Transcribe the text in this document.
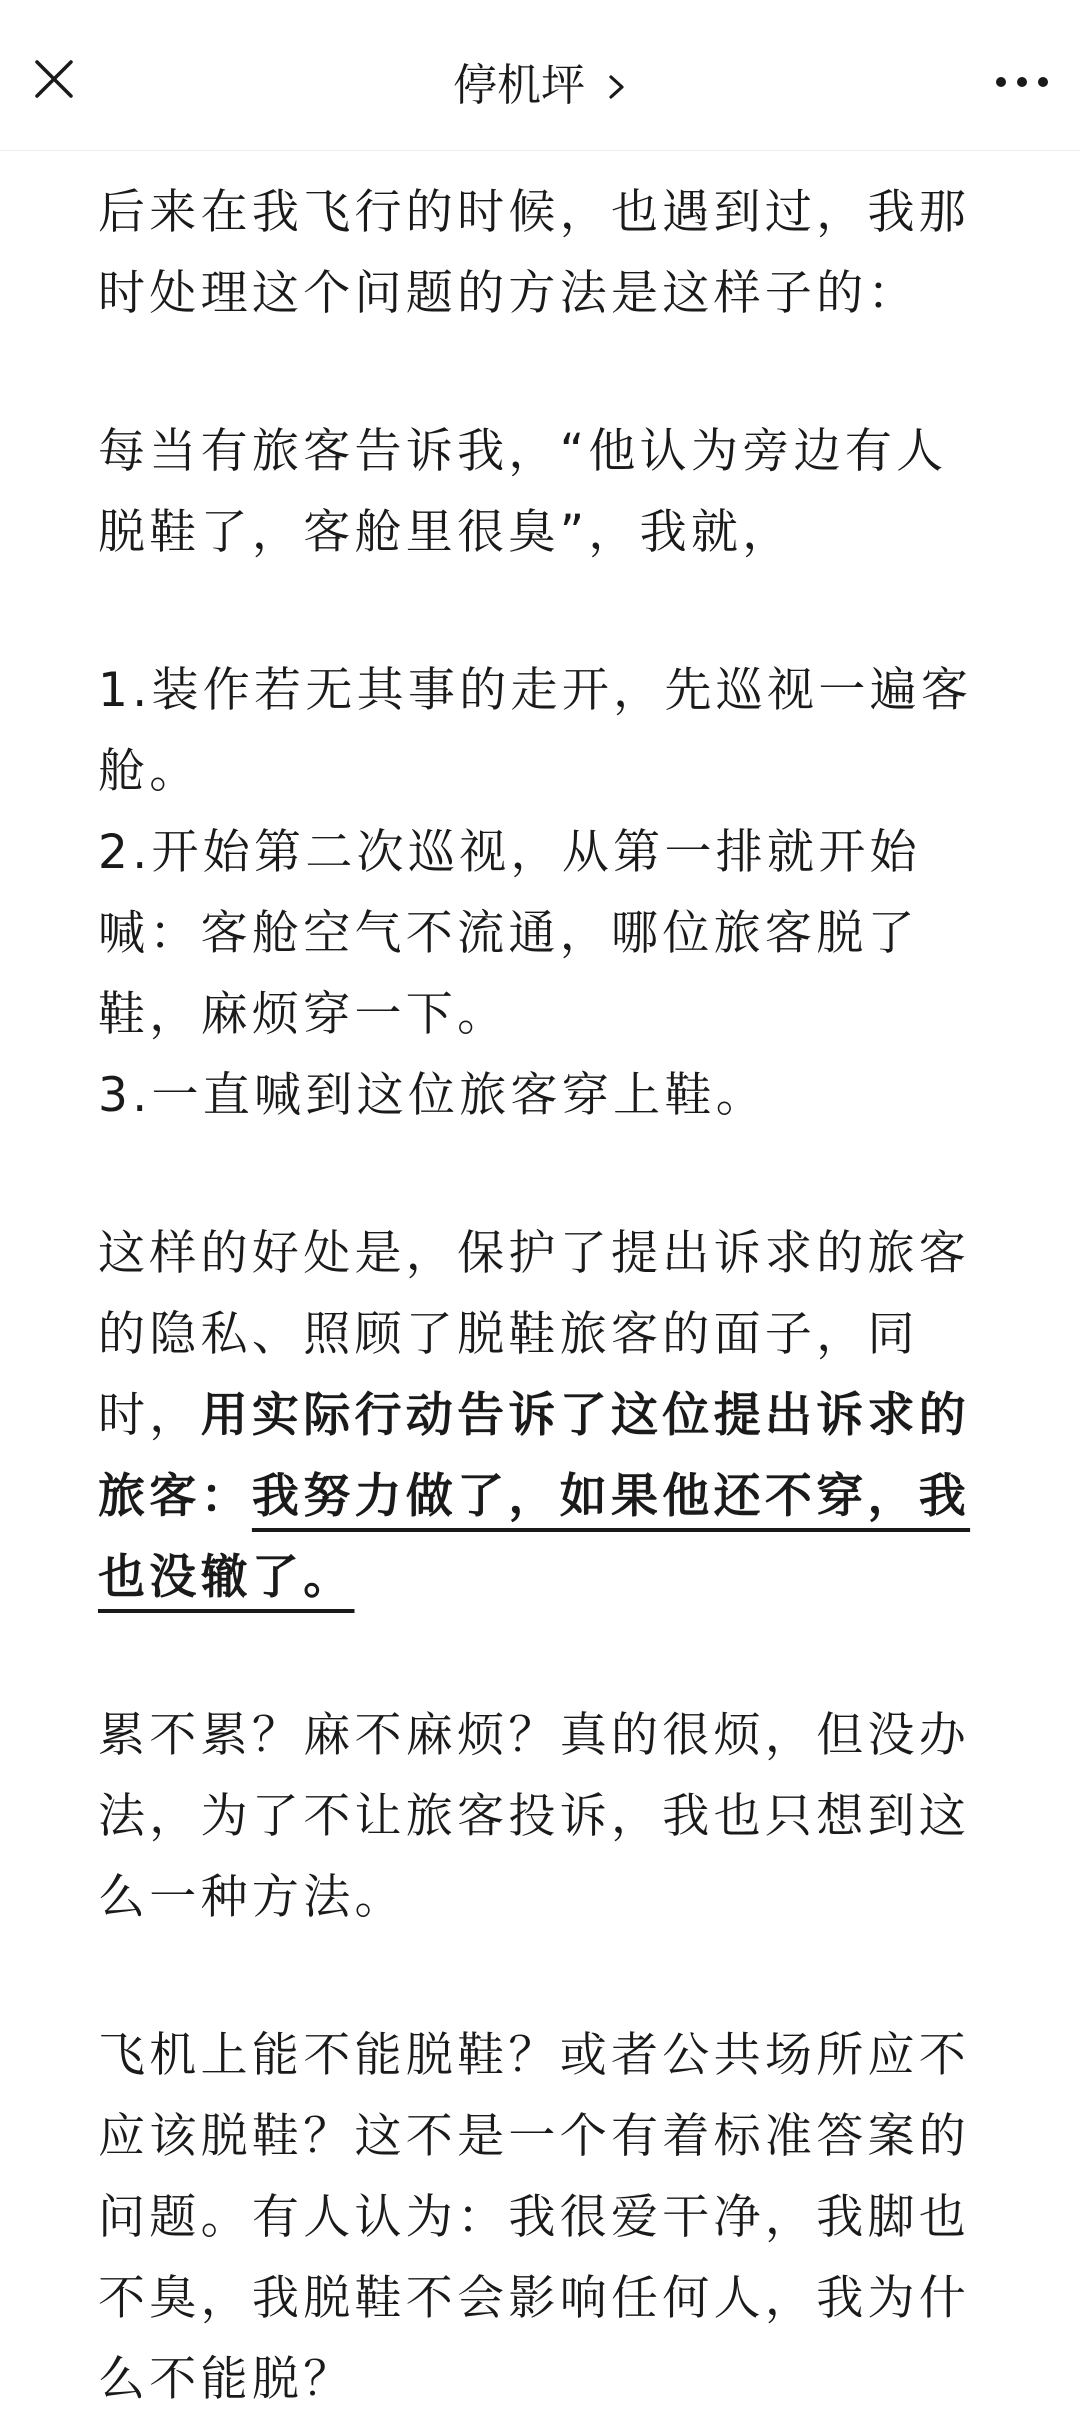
停机坪

后来在我飞行的时候，也遇到过，我那时处理这个问题的方法是这样子的：

每当有旅客告诉我，“他认为旁边有人脱鞋了，客舱里很臭”，我就，

1.装作若无其事的走开，先巡视一遍客舱。

2.开始第二次巡视，从第一排就开始喊：客舱空气不流通，哪位旅客脱了鞋，麻烦穿一下。

3.一直喊到这位旅客穿上鞋。

这样的好处是，保护了提出诉求的旅客的隐私、照顾了脱鞋旅客的面子，同时，用实际行动告诉了这位提出诉求的旅客：我努力做了，如果他还不穿，我也没辙了。

累不累？麻不麻烦？真的很烦，但没办法，为了不让旅客投诉，我也只想到这么一种方法。

飞机上能不能脱鞋？或者公共场所应不应该脱鞋？这不是一个有着标准答案的问题。有人认为：我很爱干净，我脚也不臭，我脱鞋不会影响任何人，我为什么不能脱？
